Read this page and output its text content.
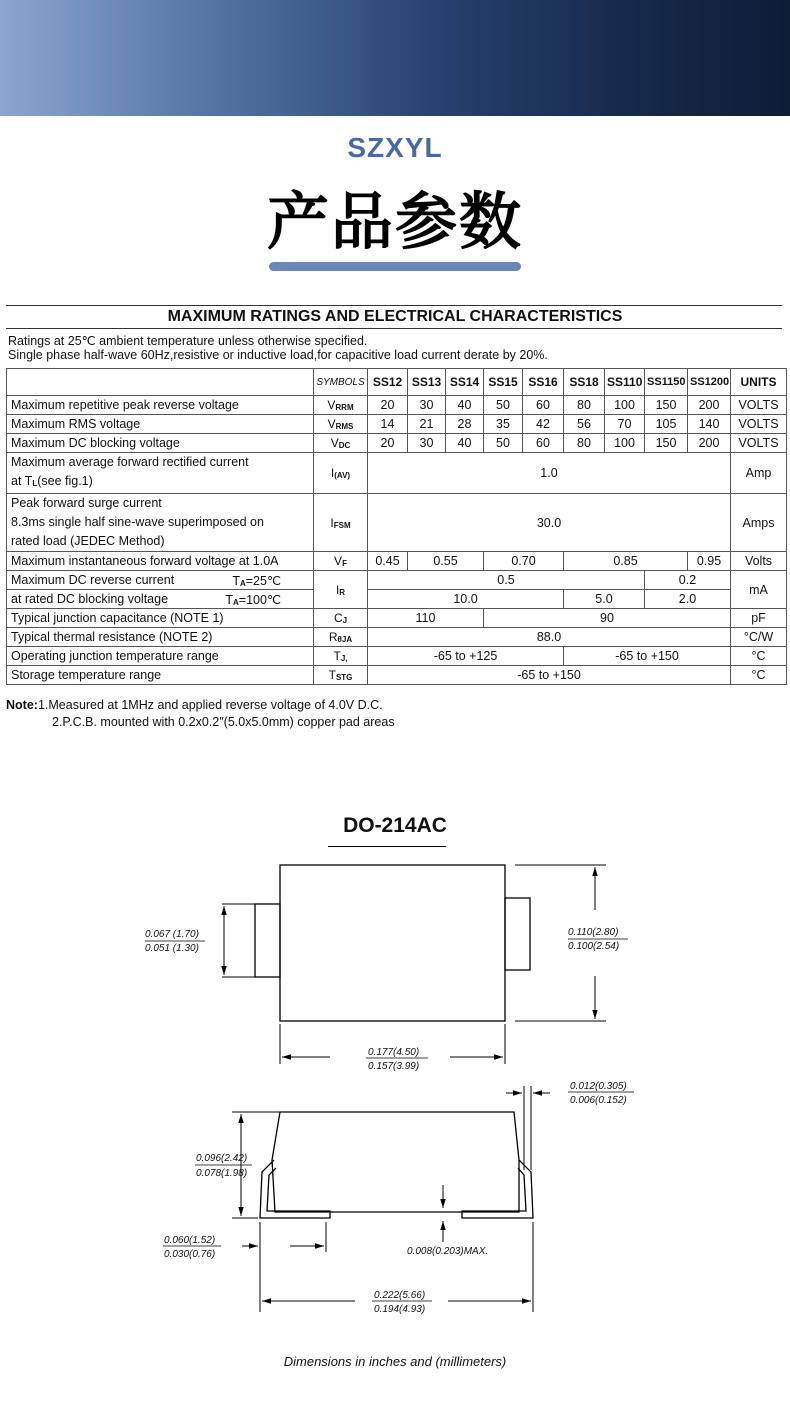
SZXYL
产品参数
MAXIMUM RATINGS AND ELECTRICAL CHARACTERISTICS
Ratings at 25℃ ambient temperature unless otherwise specified.
Single phase half-wave 60Hz,resistive or inductive load,for capacitive load current derate by 20%.
	SYMBOLS	SS12	SS13	SS14	SS15	SS16	SS18	SS110	SS1150	SS1200	UNITS
Maximum repetitive peak reverse voltage	$V_{RRM}$	20	30	40	50	60	80	100	150	200	VOLTS
Maximum RMS voltage	$V_{RMS}$	14	21	28	35	42	56	70	105	140	VOLTS
Maximum DC blocking voltage	$V_{DC}$	20	30	40	50	60	80	100	150	200	VOLTS

Maximum average forward rectified current
at $T_L(see$ fig.1)	$I_{(AV)}$	1.0									Amp

Peak forward surge current
8.3ms single half sine-wave superimposed on
rated load (JEDEC Method)	$I_{FSM}$	30.0									Amps
Maximum instantaneous forward voltage at 1.0A	$V_F$	0.45	0.55		0.70		0.85			0.95	Volts

Maximum DC reverse current $T_A=25℃$	$I_R$	0.5							0.2		mA

at rated DC blocking voltage $T_A=100℃$		10.0					5.0		2.0		
Typical junction capacitance (NOTE 1)	$C_J$	110			90						pF
Typical thermal resistance (NOTE 2)	$R_{\theta JA}$	88.0									°C/W
Operating junction temperature range	$T_{J,}$	-65 to +125					-65 to +150				°C
Storage temperature range	$T_{STG}$	-65 to +150									°C
Note:1.Measured at 1MHz and applied reverse voltage of 4.0V D.C.
2.P.C.B. mounted with 0.2x0.2″(5.0x5.0mm) copper pad areas
DO-214AC
0.067 (1.70)
0.051 (1.30)
0.110(2.80)
0.100(2.54)
0.177(4.50)
0.157(3.99)
0.012(0.305)
0.006(0.152)
0.096(2.42)
0.078(1.98)
0.008(0.203)MAX.
0.060(1.52)
0.030(0.76)
0.222(5.66)
0.194(4.93)
Dimensions in inches and (millimeters)
